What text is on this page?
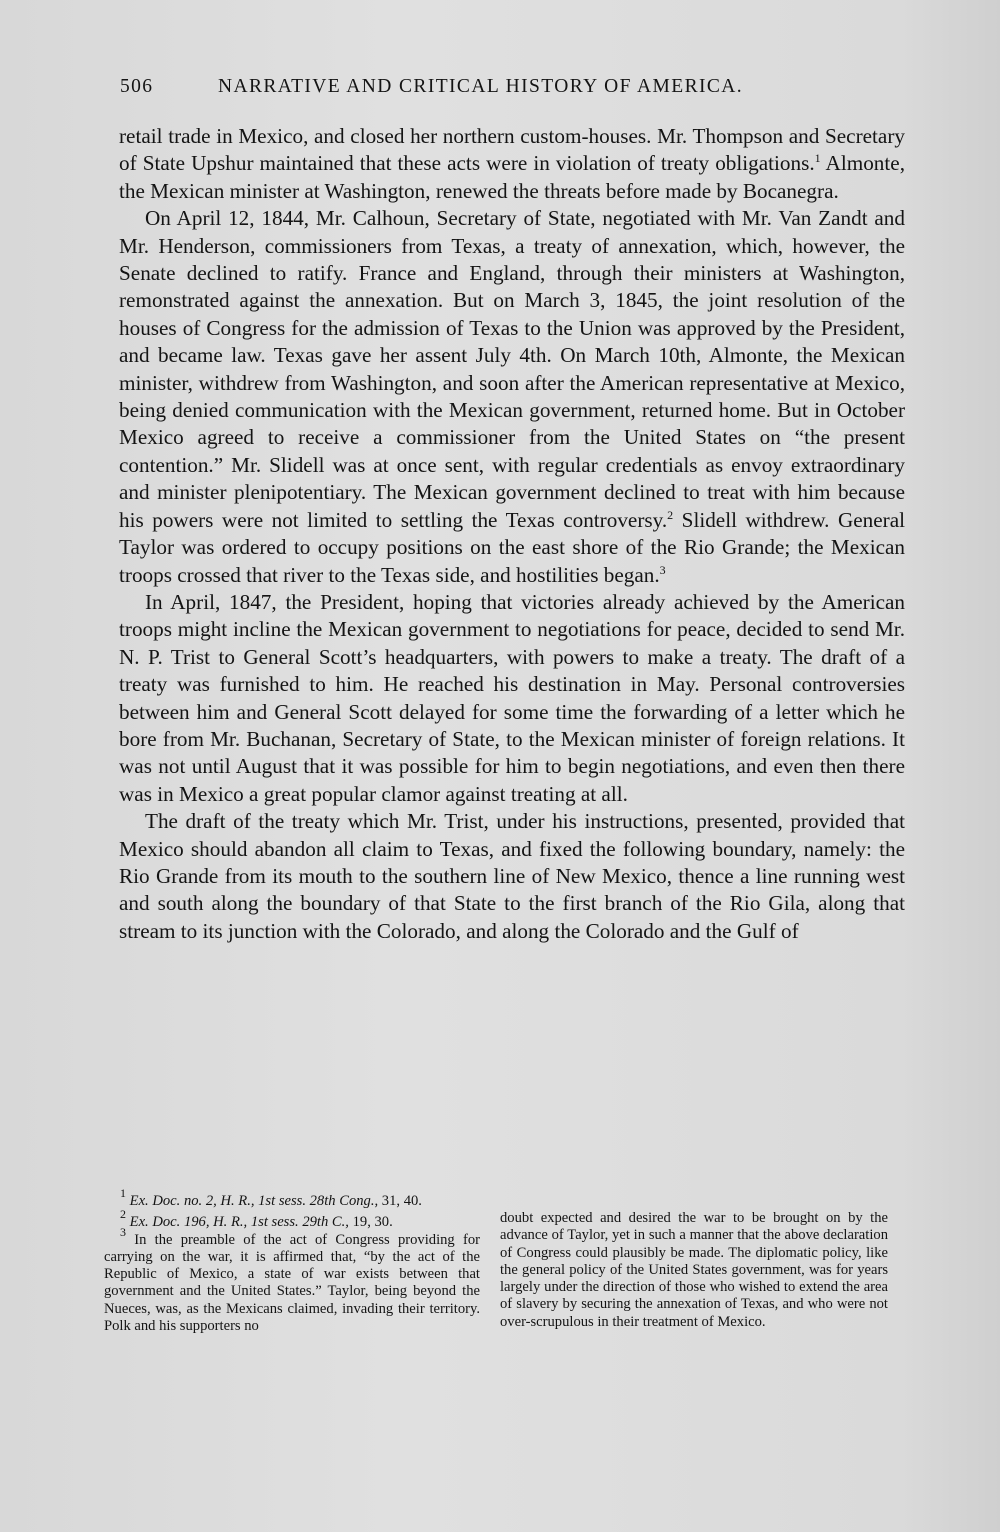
506	NARRATIVE AND CRITICAL HISTORY OF AMERICA.

retail trade in Mexico, and closed her northern custom-houses. Mr. Thompson and Secretary of State Upshur maintained that these acts were in violation of treaty obligations.$^1$ Almonte, the Mexican minister at Washington, renewed the threats before made by Bocanegra.

On April 12, 1844, Mr. Calhoun, Secretary of State, negotiated with Mr. Van Zandt and Mr. Henderson, commissioners from Texas, a treaty of annexation, which, however, the Senate declined to ratify. France and England, through their ministers at Washington, remonstrated against the annexation. But on March 3, 1845, the joint resolution of the houses of Congress for the admission of Texas to the Union was approved by the President, and became law. Texas gave her assent July 4th. On March 10th, Almonte, the Mexican minister, withdrew from Washington, and soon after the American representative at Mexico, being denied communication with the Mexican government, returned home. But in October Mexico agreed to receive a commissioner from the United States on “the present contention.” Mr. Slidell was at once sent, with regular credentials as envoy extraordinary and minister plenipotentiary. The Mexican government declined to treat with him because his powers were not limited to settling the Texas controversy.$^2$ Slidell withdrew. General Taylor was ordered to occupy positions on the east shore of the Rio Grande; the Mexican troops crossed that river to the Texas side, and hostilities began.$^3$

In April, 1847, the President, hoping that victories already achieved by the American troops might incline the Mexican government to negotiations for peace, decided to send Mr. N. P. Trist to General Scott’s headquarters, with powers to make a treaty. The draft of a treaty was furnished to him. He reached his destination in May. Personal controversies between him and General Scott delayed for some time the forwarding of a letter which he bore from Mr. Buchanan, Secretary of State, to the Mexican minister of foreign relations. It was not until August that it was possible for him to begin negotiations, and even then there was in Mexico a great popular clamor against treating at all.

The draft of the treaty which Mr. Trist, under his instructions, presented, provided that Mexico should abandon all claim to Texas, and fixed the following boundary, namely: the Rio Grande from its mouth to the southern line of New Mexico, thence a line running west and south along the boundary of that State to the first branch of the Rio Gila, along that stream to its junction with the Colorado, and along the Colorado and the Gulf of

$^1$ Ex. Doc. no. 2, H. R., 1st sess. 28th Cong., 31, 40.

$^2$ Ex. Doc. 196, H. R., 1st sess. 29th C., 19, 30.

$^3$ In the preamble of the act of Congress providing for carrying on the war, it is affirmed that, “by the act of the Republic of Mexico, a state of war exists between that government and the United States.” Taylor, being beyond the Nueces, was, as the Mexicans claimed, invading their territory. Polk and his supporters no

doubt expected and desired the war to be brought on by the advance of Taylor, yet in such a manner that the above declaration of Congress could plausibly be made. The diplomatic policy, like the general policy of the United States government, was for years largely under the direction of those who wished to extend the area of slavery by securing the annexation of Texas, and who were not over-scrupulous in their treatment of Mexico.
